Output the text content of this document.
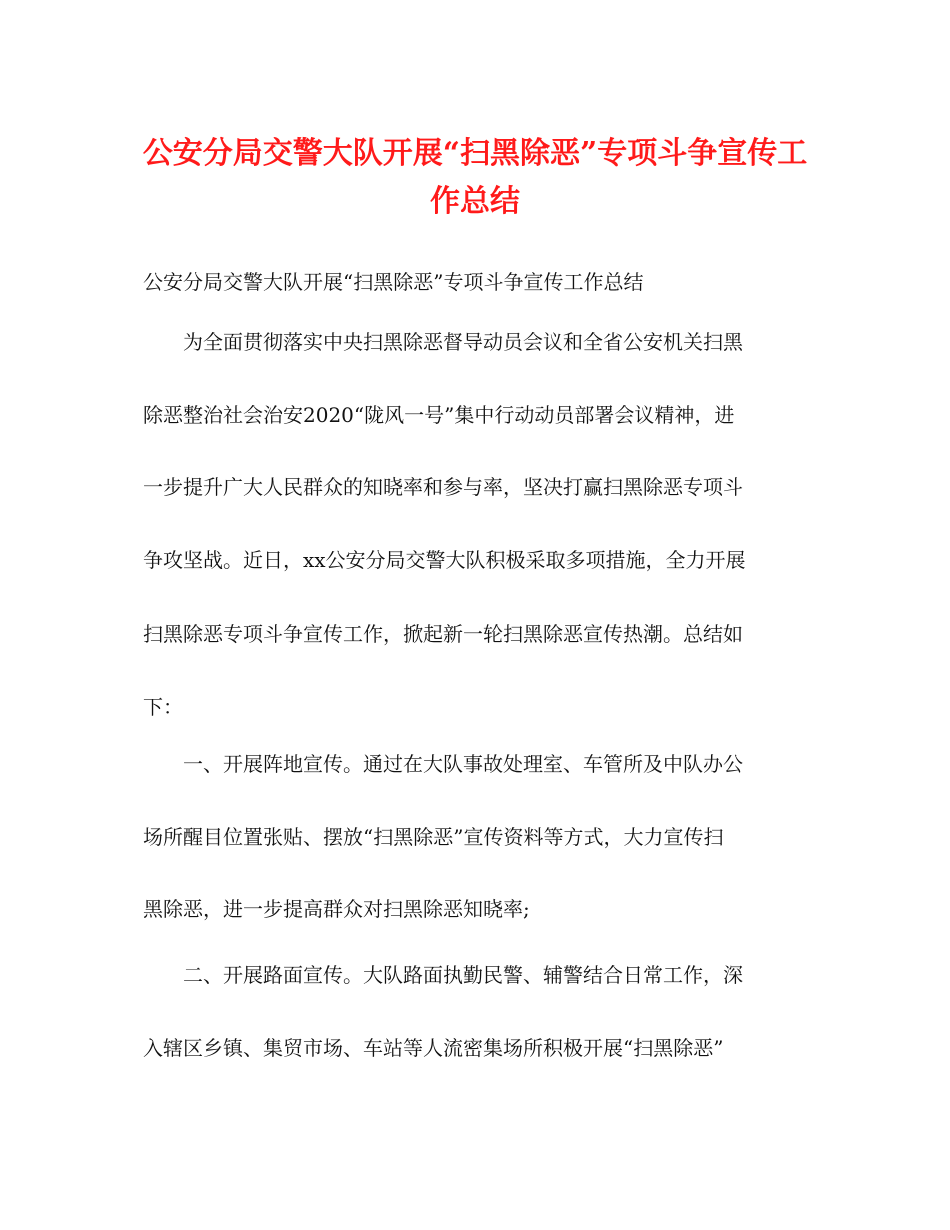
公安分局交警大队开展“扫黑除恶”专项斗争宣传工
作总结

公安分局交警大队开展“扫黑除恶”专项斗争宣传工作总结

为全面贯彻落实中央扫黑除恶督导动员会议和全省公安机关扫黑

除恶整治社会治安2020“陇风一号”集中行动动员部署会议精神，进

一步提升广大人民群众的知晓率和参与率，坚决打赢扫黑除恶专项斗

争攻坚战。近日，xx公安分局交警大队积极采取多项措施，全力开展

扫黑除恶专项斗争宣传工作，掀起新一轮扫黑除恶宣传热潮。总结如

下：

一、开展阵地宣传。通过在大队事故处理室、车管所及中队办公

场所醒目位置张贴、摆放“扫黑除恶”宣传资料等方式，大力宣传扫

黑除恶，进一步提高群众对扫黑除恶知晓率;

二、开展路面宣传。大队路面执勤民警、辅警结合日常工作，深

入辖区乡镇、集贸市场、车站等人流密集场所积极开展“扫黑除恶”
